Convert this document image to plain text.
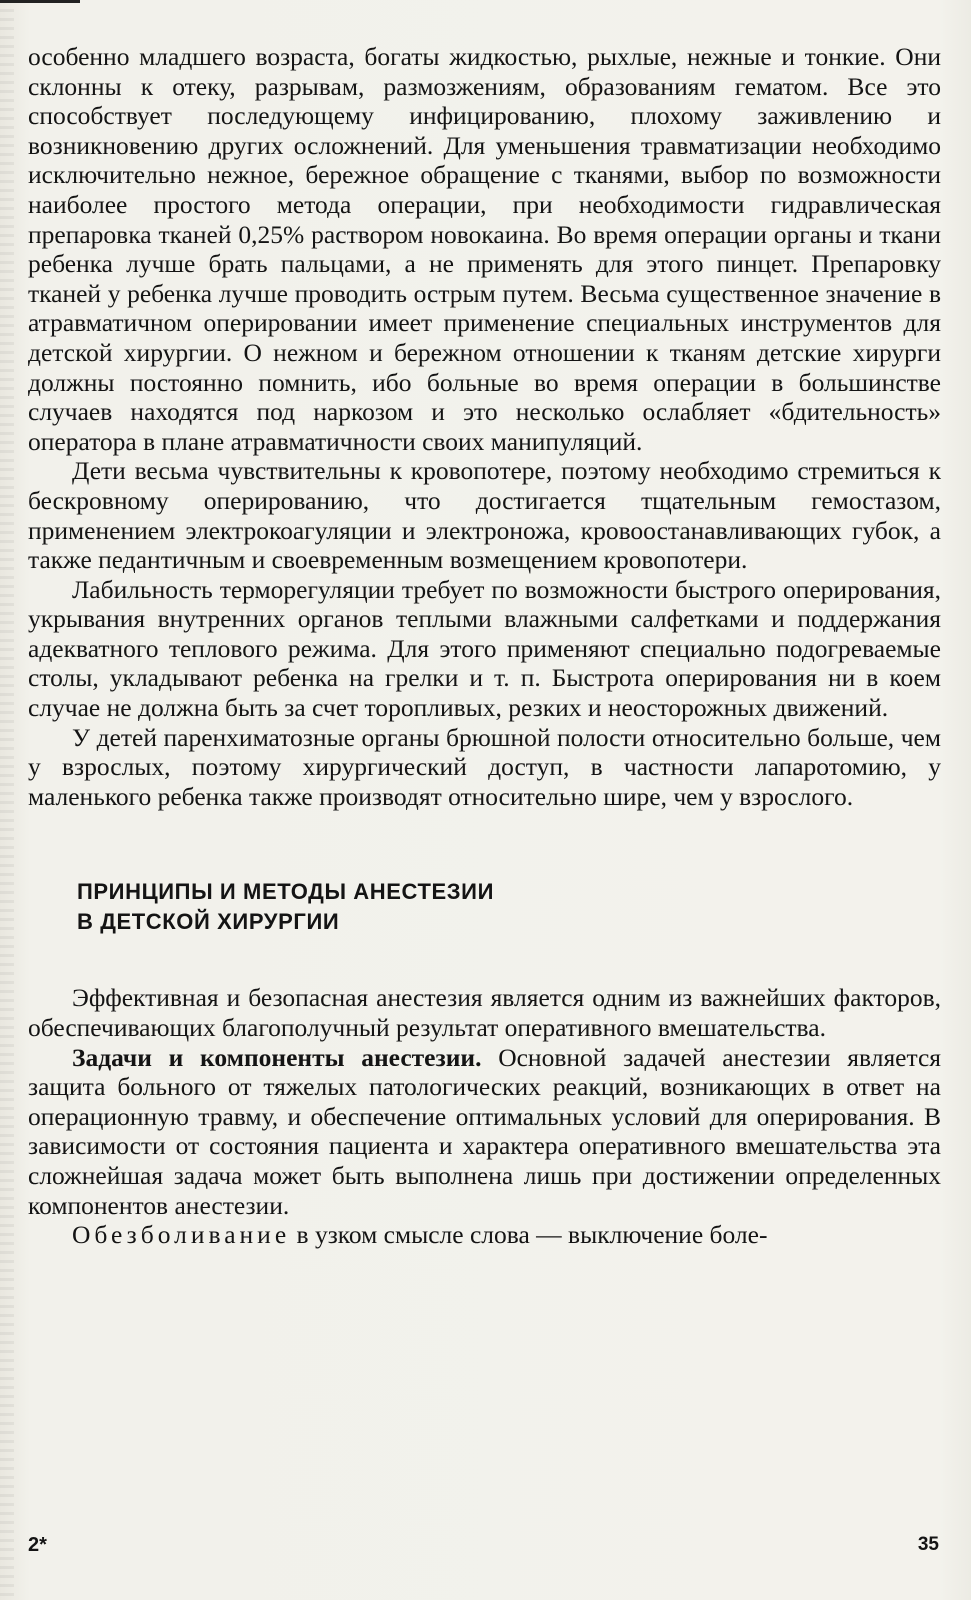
особенно младшего возраста, богаты жидкостью, рыхлые, нежные и тонкие. Они склонны к отеку, разрывам, размозжениям, образованиям гематом. Все это способствует последующему инфицированию, плохому заживлению и возникновению других осложнений. Для уменьшения травматизации необходимо исключительно нежное, бережное обращение с тканями, выбор по возможности наиболее простого метода операции, при необходимости гидравлическая препаровка тканей 0,25% раствором новокаина. Во время операции органы и ткани ребенка лучше брать пальцами, а не применять для этого пинцет. Препаровку тканей у ребенка лучше проводить острым путем. Весьма существенное значение в атравматичном оперировании имеет применение специальных инструментов для детской хирургии. О нежном и бережном отношении к тканям детские хирурги должны постоянно помнить, ибо больные во время операции в большинстве случаев находятся под наркозом и это несколько ослабляет «бдительность» оператора в плане атравматичности своих манипуляций.

Дети весьма чувствительны к кровопотере, поэтому необходимо стремиться к бескровному оперированию, что достигается тщательным гемостазом, применением электрокоагуляции и электроножа, кровоостанавливающих губок, а также педантичным и своевременным возмещением кровопотери.

Лабильность терморегуляции требует по возможности быстрого оперирования, укрывания внутренних органов теплыми влажными салфетками и поддержания адекватного теплового режима. Для этого применяют специально подогреваемые столы, укладывают ребенка на грелки и т. п. Быстрота оперирования ни в коем случае не должна быть за счет торопливых, резких и неосторожных движений.

У детей паренхиматозные органы брюшной полости относительно больше, чем у взрослых, поэтому хирургический доступ, в частности лапаротомию, у маленького ребенка также производят относительно шире, чем у взрослого.

ПРИНЦИПЫ И МЕТОДЫ АНЕСТЕЗИИ
В ДЕТСКОЙ ХИРУРГИИ

Эффективная и безопасная анестезия является одним из важнейших факторов, обеспечивающих благополучный результат оперативного вмешательства.

Задачи и компоненты анестезии. Основной задачей анестезии является защита больного от тяжелых патологических реакций, возникающих в ответ на операционную травму, и обеспечение оптимальных условий для оперирования. В зависимости от состояния пациента и характера оперативного вмешательства эта сложнейшая задача может быть выполнена лишь при достижении определенных компонентов анестезии.

Обезболивание в узком смысле слова — выключение боле-

2*	35
